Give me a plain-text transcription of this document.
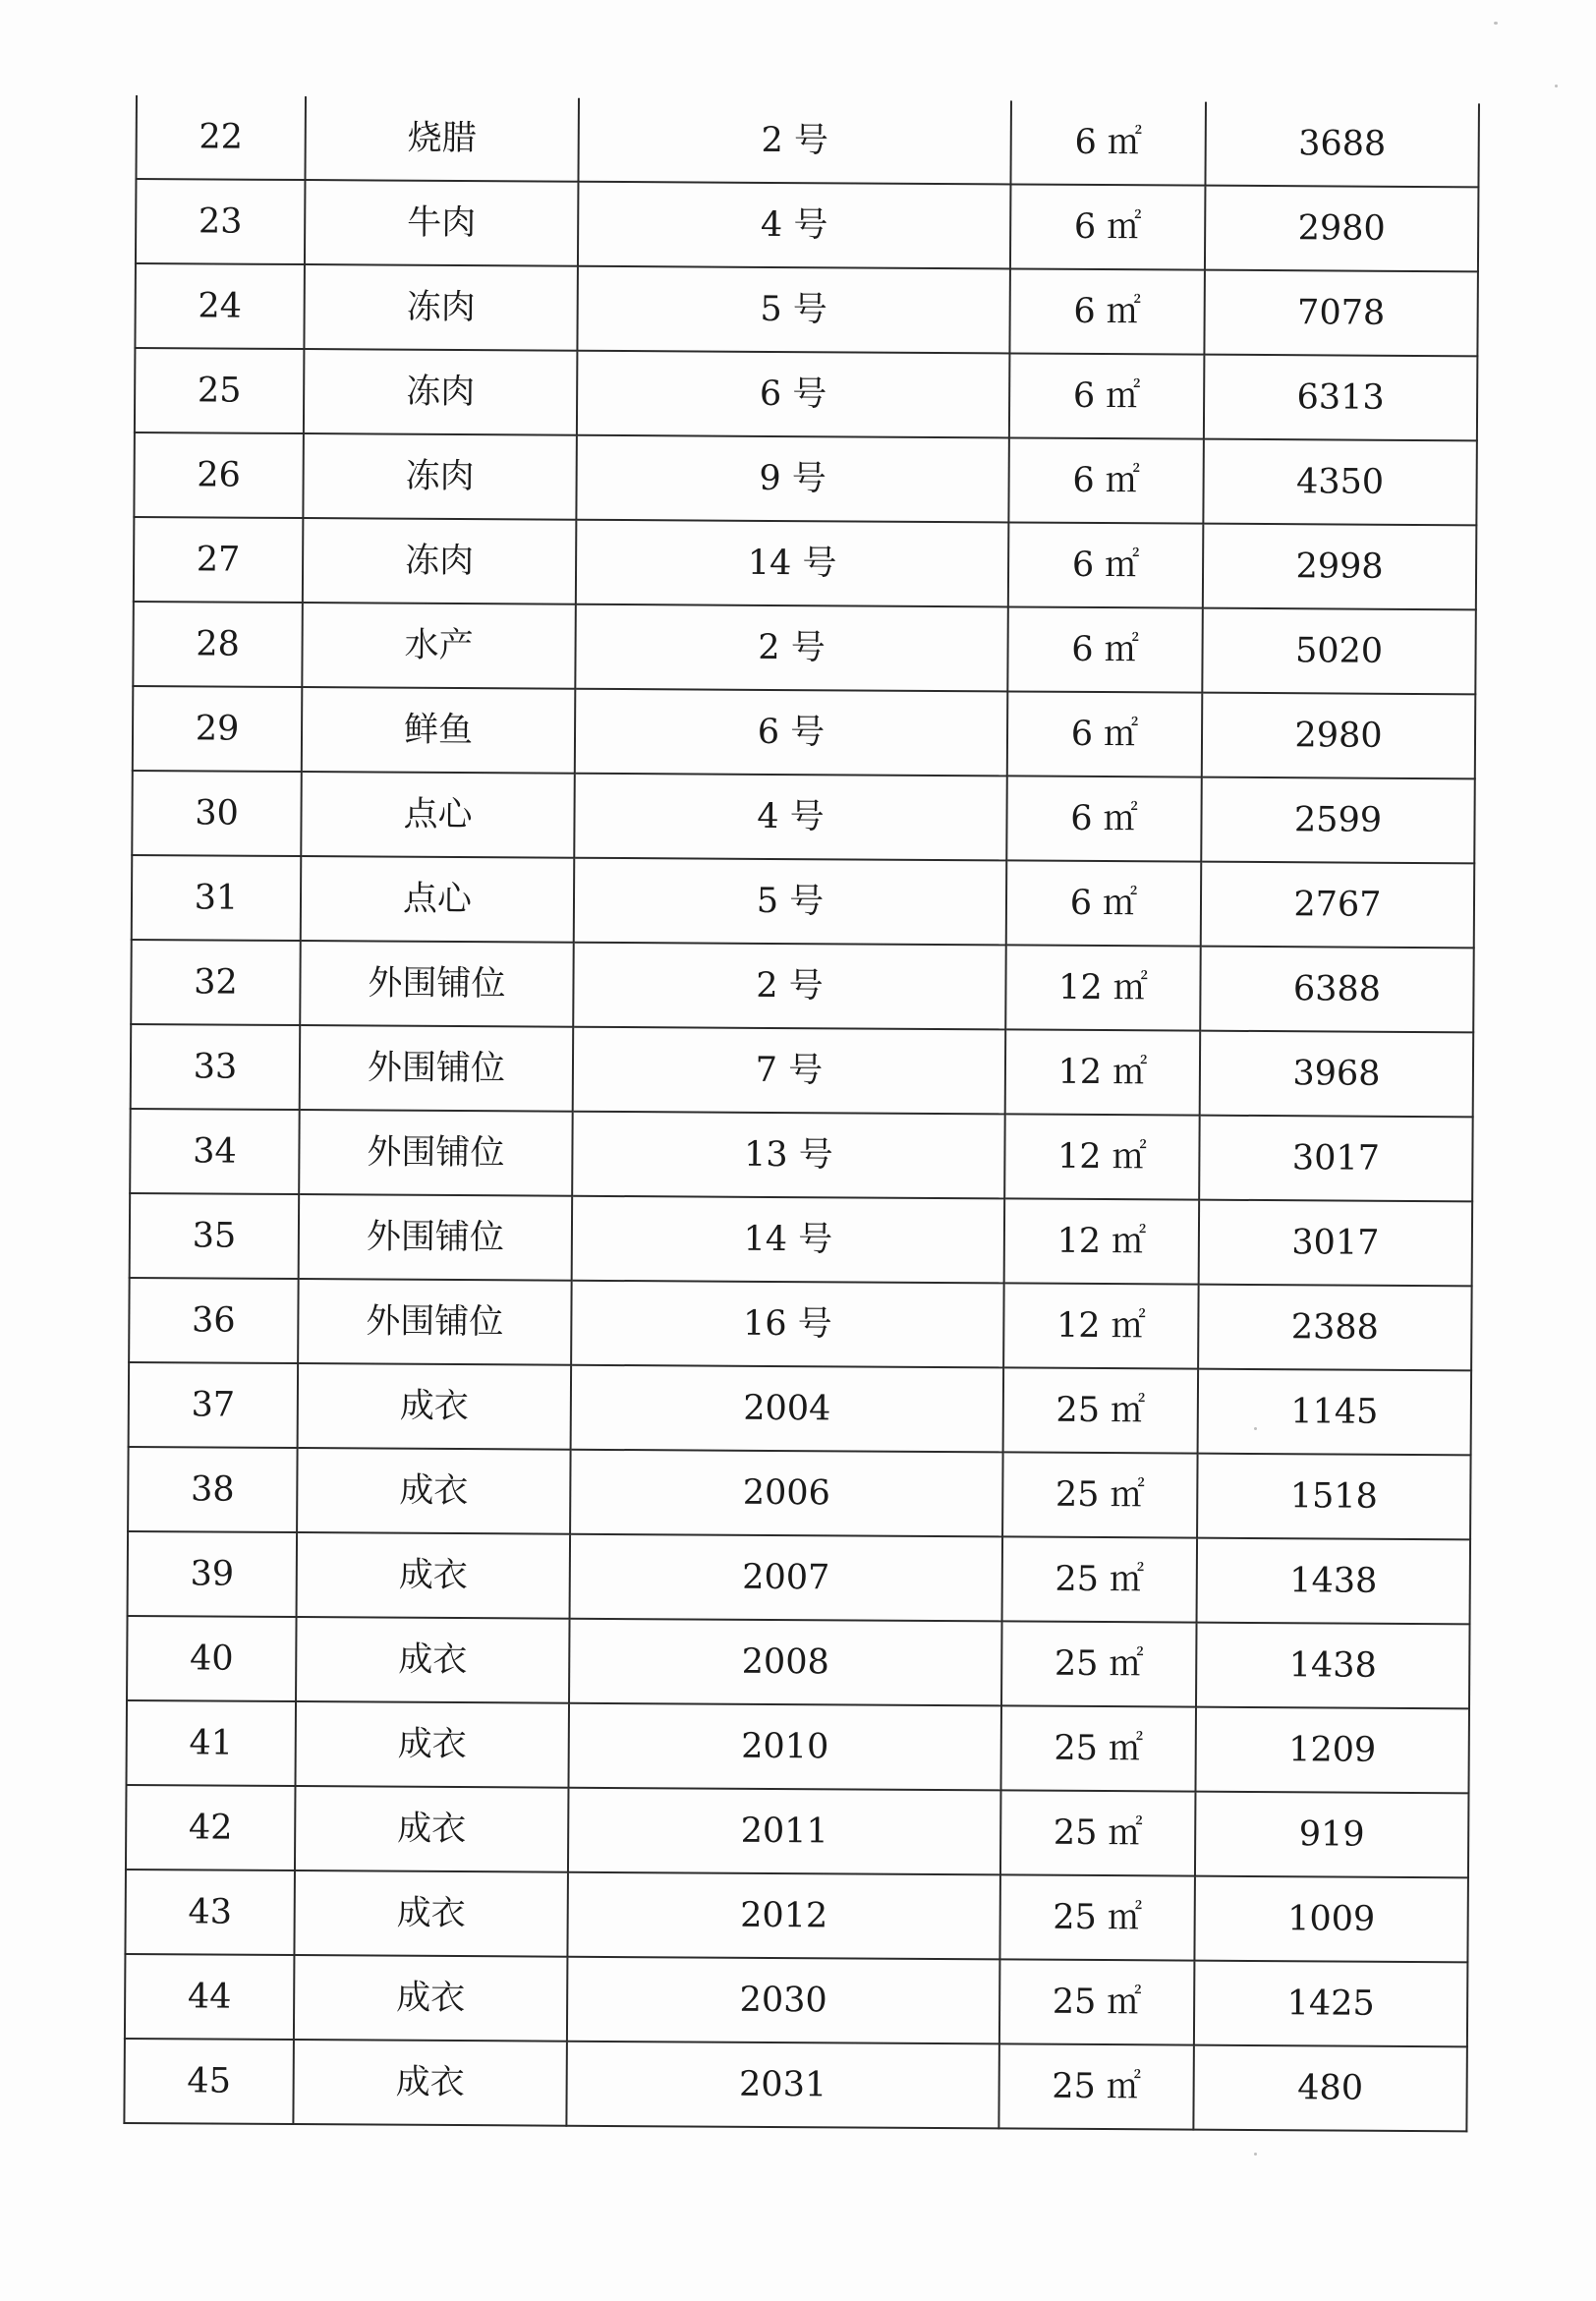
22	烧腊	2 号	6 ㎡	3688
23	牛肉	4 号	6 ㎡	2980
24	冻肉	5 号	6 ㎡	7078
25	冻肉	6 号	6 ㎡	6313
26	冻肉	9 号	6 ㎡	4350
27	冻肉	14 号	6 ㎡	2998
28	水产	2 号	6 ㎡	5020
29	鲜鱼	6 号	6 ㎡	2980
30	点心	4 号	6 ㎡	2599
31	点心	5 号	6 ㎡	2767
32	外围铺位	2 号	12 ㎡	6388
33	外围铺位	7 号	12 ㎡	3968
34	外围铺位	13 号	12 ㎡	3017
35	外围铺位	14 号	12 ㎡	3017
36	外围铺位	16 号	12 ㎡	2388
37	成衣	2004	25 ㎡	1145
38	成衣	2006	25 ㎡	1518
39	成衣	2007	25 ㎡	1438
40	成衣	2008	25 ㎡	1438
41	成衣	2010	25 ㎡	1209
42	成衣	2011	25 ㎡	919
43	成衣	2012	25 ㎡	1009
44	成衣	2030	25 ㎡	1425
45	成衣	2031	25 ㎡	480
